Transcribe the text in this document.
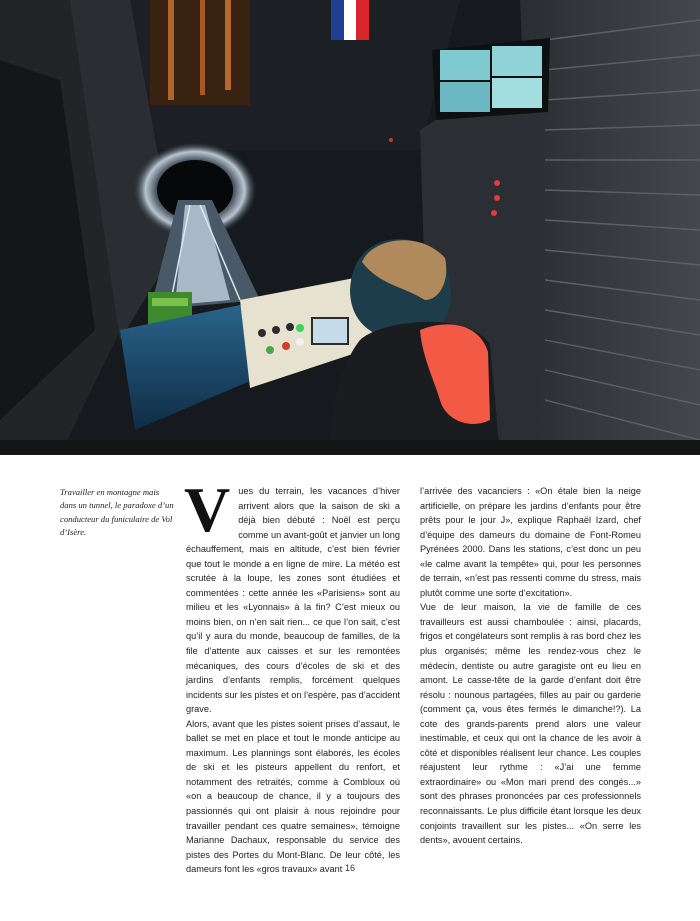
Travailler en montagne mais dans un tunnel, le paradoxe d’un conducteur du funiculaire de Vol d’Isère.	Vues du terrain, les vacances d’hiver arrivent alors que la saison de ski a déjà bien débuté : Noël est perçu comme un avant-goût et janvier un long échauffement, mais en altitude, c’est bien février que tout le monde a en ligne de mire. La météo est scrutée à la loupe, les zones sont étudiées et commentées : cette année les «Parisiens» sont au milieu et les «Lyonnais» à la fin? C’est mieux ou moins bien, on n’en sait rien... ce que l’on sait, c’est qu’il y aura du monde, beaucoup de familles, de la file d’attente aux caisses et sur les remontées mécaniques, des cours d’écoles de ski et des jardins d’enfants remplis, forcément quelques incidents sur les pistes et on l’espère, pas d’accident grave.

Alors, avant que les pistes soient prises d’assaut, le ballet se met en place et tout le monde anticipe au maximum. Les plannings sont élaborés, les écoles de ski et les pisteurs appellent du renfort, et notamment des retraités, comme à Combloux où «on a beaucoup de chance, il y a toujours des passionnés qui ont plaisir à nous rejoindre pour travailler pendant ces quatre semaines», témoigne Marianne Dachaux, responsable du service des pistes des Portes du Mont-Blanc. De leur côté, les dameurs font les «gros travaux» avant

l’arrivée des vacanciers : «On étale bien la neige artificielle, on prépare les jardins d’enfants pour être prêts pour le jour J», explique Raphaël Izard, chef d’équipe des dameurs du domaine de Font-Romeu Pyrénées 2000. Dans les stations, c’est donc un peu «le calme avant la tempête» qui, pour les personnes de terrain, «n’est pas ressenti comme du stress, mais plutôt comme une sorte d’excitation».

Vue de leur maison, la vie de famille de ces travailleurs est aussi chamboulée : ainsi, placards, frigos et congélateurs sont remplis à ras bord chez les plus organisés; même les rendez-vous chez le médecin, dentiste ou autre garagiste ont eu lieu en amont. Le casse-tête de la garde d’enfant doit être résolu : nounous partagées, filles au pair ou garderie (comment ça, vous êtes fermés le dimanche!?). La cote des grands-parents prend alors une valeur inestimable, et ceux qui ont la chance de les avoir à côté et disponibles réalisent leur chance. Les couples réajustent leur rythme : «J’ai une femme extraordinaire» ou «Mon mari prend des congés...» sont des phrases prononcées par ces professionnels reconnaissants. Le plus difficile étant lorsque les deux conjoints travaillent sur les pistes... «On serre les dents», avouent certains.

16
